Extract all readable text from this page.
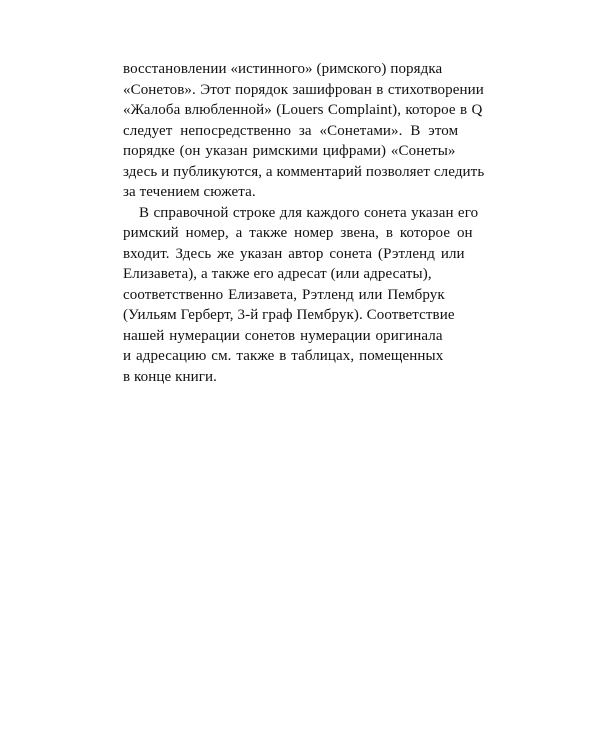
восстановлении «истинного» (римского) порядка
«Сонетов». Этот порядок зашифрован в стихотворении
«Жалоба влюбленной» (Louers Complaint), которое в Q
следует непосредственно за «Сонетами». В этом
порядке (он указан римскими цифрами) «Сонеты»
здесь и публикуются, а комментарий позволяет следить
за течением сюжета.
В справочной строке для каждого сонета указан его
римский номер, а также номер звена, в которое он
входит. Здесь же указан автор сонета (Рэтленд или
Елизавета), а также его адресат (или адресаты),
соответственно Елизавета, Рэтленд или Пембрук
(Уильям Герберт, 3-й граф Пембрук). Соответствие
нашей нумерации сонетов нумерации оригинала
и адресацию см. также в таблицах, помещенных
в конце книги.
